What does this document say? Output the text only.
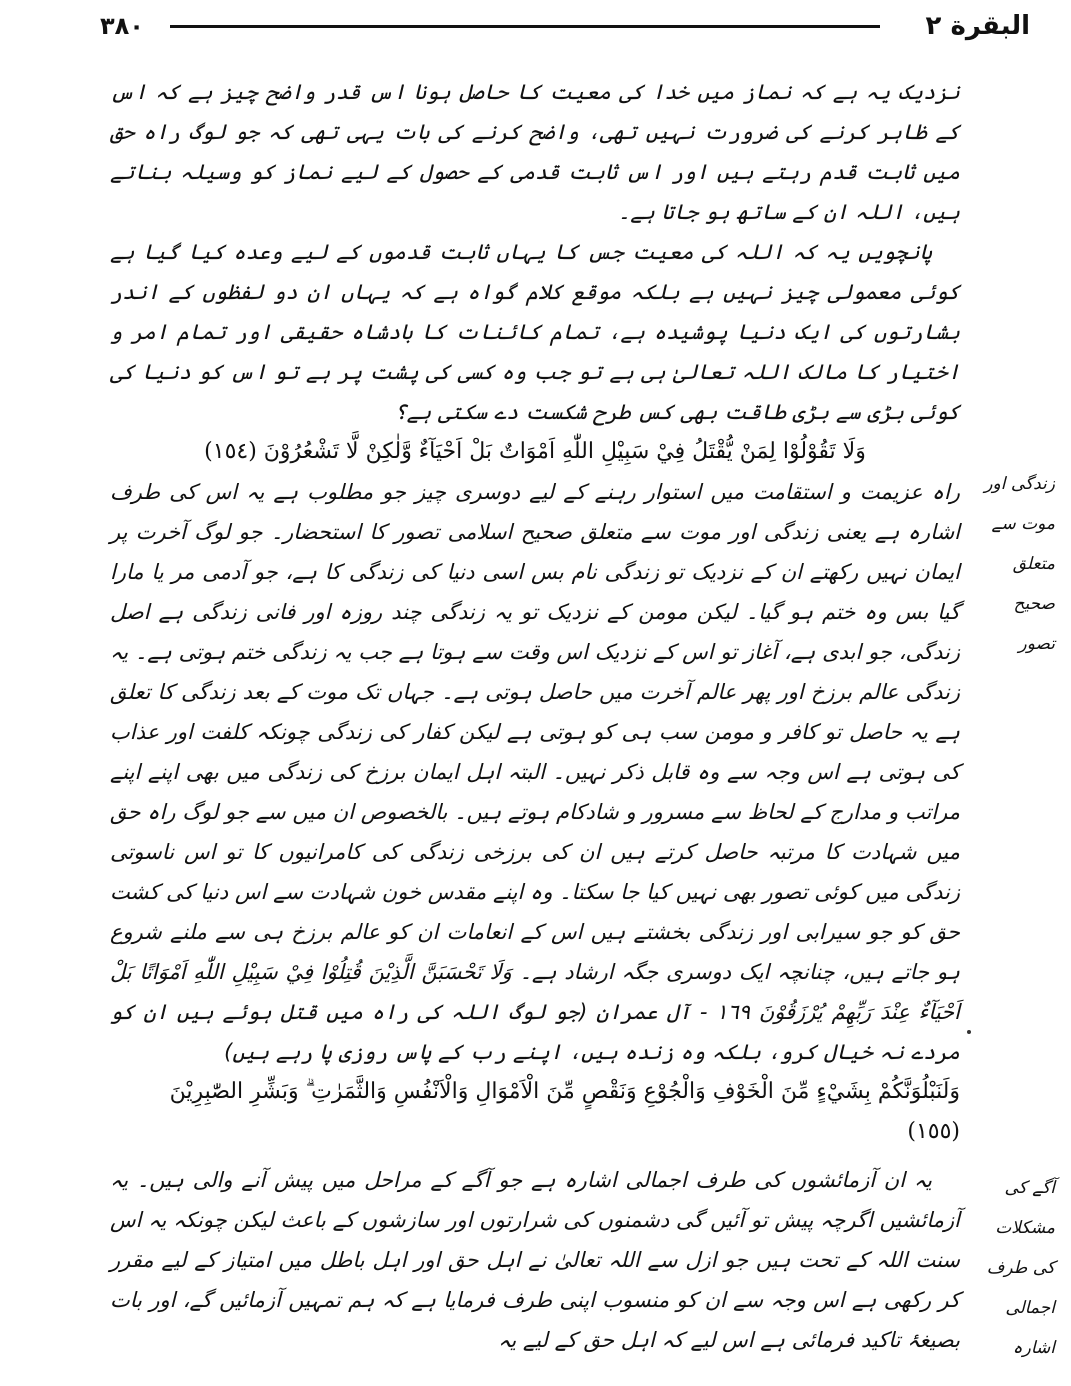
۳۸۰	البقرة ٢

نزدیک یہ ہے کہ نماز میں خدا کی معیت کا حاصل ہونا اس قدر واضح چیز ہے کہ اس کے ظاہر کرنے کی ضرورت نہیں تھی، واضح کرنے کی بات یہی تھی کہ جو لوگ راہ حق میں ثابت قدم رہتے ہیں اور اس ثابت قدمی کے حصول کے لیے نماز کو وسیلہ بناتے ہیں، اللہ ان کے ساتھ ہو جاتا ہے۔

پانچویں یہ کہ اللہ کی معیت جس کا یہاں ثابت قدموں کے لیے وعدہ کیا گیا ہے کوئی معمولی چیز نہیں ہے بلکہ موقع کلام گواہ ہے کہ یہاں ان دو لفظوں کے اندر بشارتوں کی ایک دنیا پوشیدہ ہے، تمام کائنات کا بادشاہ حقیقی اور تمام امر و اختیار کا مالک اللہ تعالیٰ ہی ہے تو جب وہ کسی کی پشت پر ہے تو اس کو دنیا کی کوئی بڑی سے بڑی طاقت بھی کس طرح شکست دے سکتی ہے؟

وَلَا تَقُوْلُوْا لِمَنْ يُّقْتَلُ فِيْ سَبِيْلِ اللّٰهِ اَمْوَاتٌ بَلْ اَحْيَآءٌ وَّلٰكِنْ لَّا تَشْعُرُوْنَ (١٥٤)

راہ عزیمت و استقامت میں استوار رہنے کے لیے دوسری چیز جو مطلوب ہے یہ اس کی طرف اشارہ ہے یعنی زندگی اور موت سے متعلق صحیح اسلامی تصور کا استحضار۔ جو لوگ آخرت پر ایمان نہیں رکھتے ان کے نزدیک تو زندگی نام بس اسی دنیا کی زندگی کا ہے، جو آدمی مر یا مارا گیا بس وہ ختم ہو گیا۔ لیکن مومن کے نزدیک تو یہ زندگی چند روزہ اور فانی زندگی ہے اصل زندگی، جو ابدی ہے، آغاز تو اس کے نزدیک اس وقت سے ہوتا ہے جب یہ زندگی ختم ہوتی ہے۔ یہ زندگی عالم برزخ اور پھر عالم آخرت میں حاصل ہوتی ہے۔ جہاں تک موت کے بعد زندگی کا تعلق ہے یہ حاصل تو کافر و مومن سب ہی کو ہوتی ہے لیکن کفار کی زندگی چونکہ کلفت اور عذاب کی ہوتی ہے اس وجہ سے وہ قابل ذکر نہیں۔ البتہ اہل ایمان برزخ کی زندگی میں بھی اپنے اپنے مراتب و مدارج کے لحاظ سے مسرور و شادکام ہوتے ہیں۔ بالخصوص ان میں سے جو لوگ راہ حق میں شہادت کا مرتبہ حاصل کرتے ہیں ان کی برزخی زندگی کی کامرانیوں کا تو اس ناسوتی زندگی میں کوئی تصور بھی نہیں کیا جا سکتا۔ وہ اپنے مقدس خون شہادت سے اس دنیا کی کشت حق کو جو سیرابی اور زندگی بخشتے ہیں اس کے انعامات ان کو عالم برزخ ہی سے ملنے شروع ہو جاتے ہیں، چنانچہ ایک دوسری جگہ ارشاد ہے۔ وَلَا تَحْسَبَنَّ الَّذِيْنَ قُتِلُوْا فِيْ سَبِيْلِ اللّٰهِ اَمْوَاتًا بَلْ اَحْيَآءٌ عِنْدَ رَبِّهِمْ يُرْزَقُوْنَ ١٦٩ - آل عمران (جو لوگ اللہ کی راہ میں قتل ہوئے ہیں ان کو مردے نہ خیال کرو، بلکہ وہ زندہ ہیں، اپنے رب کے پاس روزی پا رہے ہیں)

وَلَنَبْلُوَنَّكُمْ بِشَيْءٍ مِّنَ الْخَوْفِ وَالْجُوْعِ وَنَقْصٍ مِّنَ الْاَمْوَالِ وَالْاَنْفُسِ وَالثَّمَرٰتِ ۗ وَبَشِّرِ الصّٰبِرِيْنَ (١٥٥)

یہ ان آزمائشوں کی طرف اجمالی اشارہ ہے جو آگے کے مراحل میں پیش آنے والی ہیں۔ یہ آزمائشیں اگرچہ پیش تو آئیں گی دشمنوں کی شرارتوں اور سازشوں کے باعث لیکن چونکہ یہ اس سنت اللہ کے تحت ہیں جو ازل سے اللہ تعالیٰ نے اہل حق اور اہل باطل میں امتیاز کے لیے مقرر کر رکھی ہے اس وجہ سے ان کو منسوب اپنی طرف فرمایا ہے کہ ہم تمہیں آزمائیں گے، اور بات بصیغۂ تاکید فرمائی ہے اس لیے کہ اہل حق کے لیے یہ

زندگی اور موت سے متعلق صحیح تصور
آگے کی مشکلات کی طرف اجمالی اشارہ
